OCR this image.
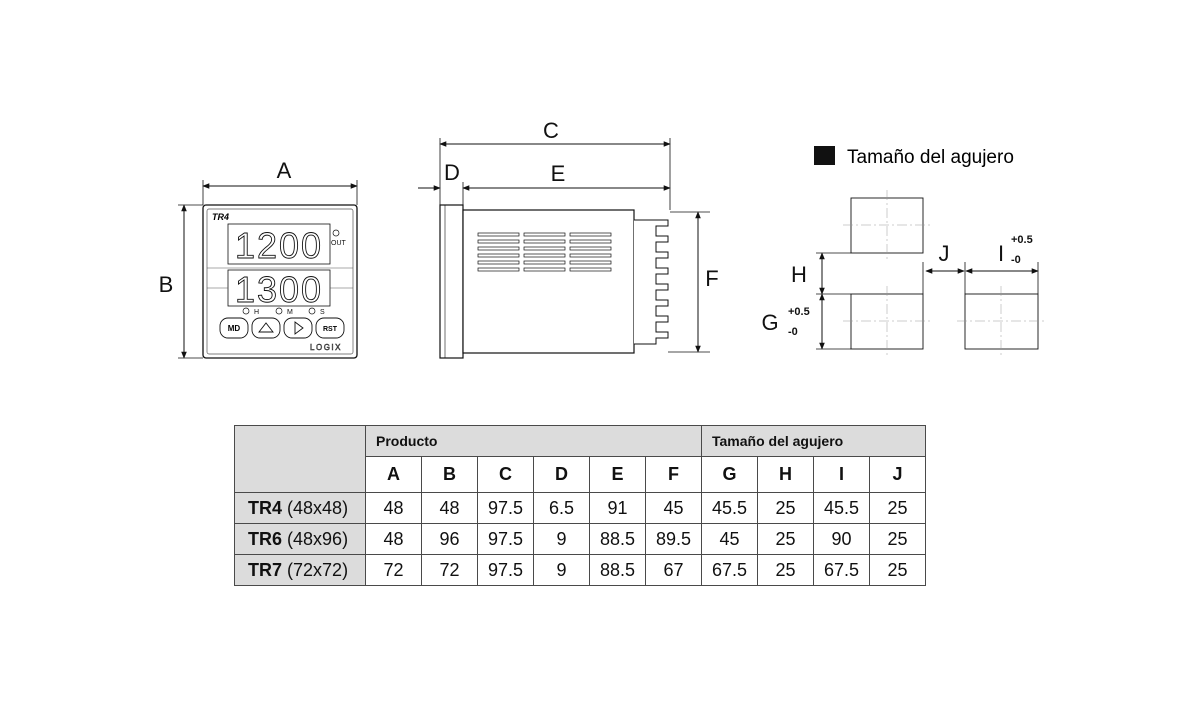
A
B
TR4
1200 OUT
1300
H	M	S
MD	RST
LOGIX
C
D	E
F
Tamaño del agujero
H
G +0.5
-0
J I
+0.5
-0
	Producto						Tamaño del agujero			
	A	B	C	D	E	F	G	H	I	J
TR4 (48x48)	48	48	97.5	6.5	91	45	45.5	25	45.5	25
TR6 (48x96)	48	96	97.5	9	88.5	89.5	45	25	90	25
TR7 (72x72)	72	72	97.5	9	88.5	67	67.5	25	67.5	25
